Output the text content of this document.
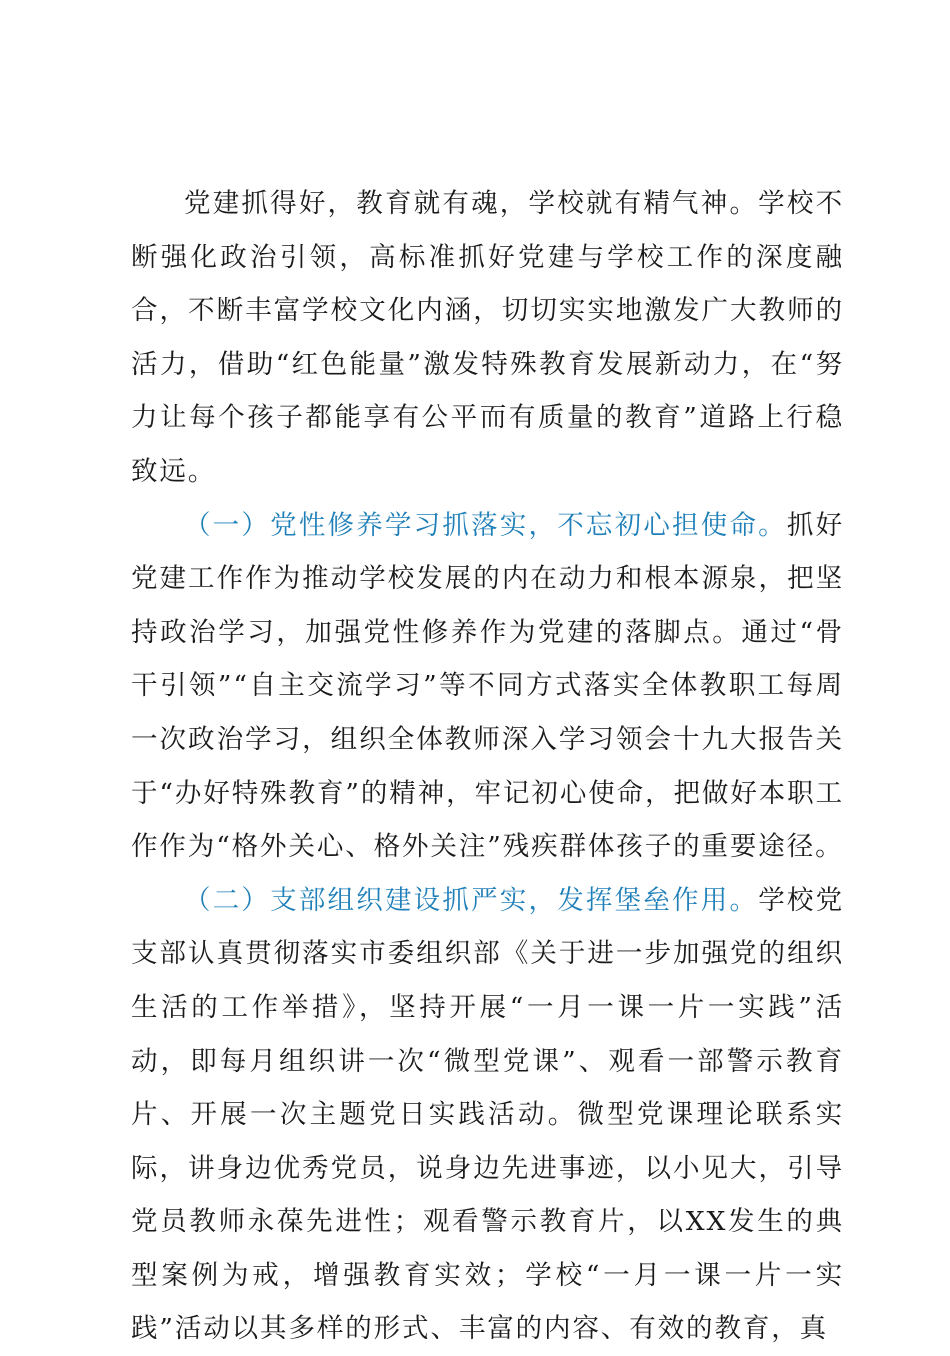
党建抓得好，教育就有魂，学校就有精气神。学校不断强化政治引领，高标准抓好党建与学校工作的深度融合，不断丰富学校文化内涵，切切实实地激发广大教师的活力，借助“红色能量”激发特殊教育发展新动力，在“努力让每个孩子都能享有公平而有质量的教育”道路上行稳致远。

（一）党性修养学习抓落实，不忘初心担使命。抓好党建工作作为推动学校发展的内在动力和根本源泉，把坚持政治学习，加强党性修养作为党建的落脚点。通过“骨干引领”“自主交流学习”等不同方式落实全体教职工每周一次政治学习，组织全体教师深入学习领会十九大报告关于“办好特殊教育”的精神，牢记初心使命，把做好本职工作作为“格外关心、格外关注”残疾群体孩子的重要途径。

（二）支部组织建设抓严实，发挥堡垒作用。学校党支部认真贯彻落实市委组织部《关于进一步加强党的组织生活的工作举措》，坚持开展“一月一课一片一实践”活动，即每月组织讲一次“微型党课”、观看一部警示教育片、开展一次主题党日实践活动。微型党课理论联系实际，讲身边优秀党员，说身边先进事迹，以小见大，引导党员教师永葆先进性；观看警示教育片，以XX发生的典型案例为戒，增强教育实效；学校“一月一课一片一实践”活动以其多样的形式、丰富的内容、有效的教育，真
